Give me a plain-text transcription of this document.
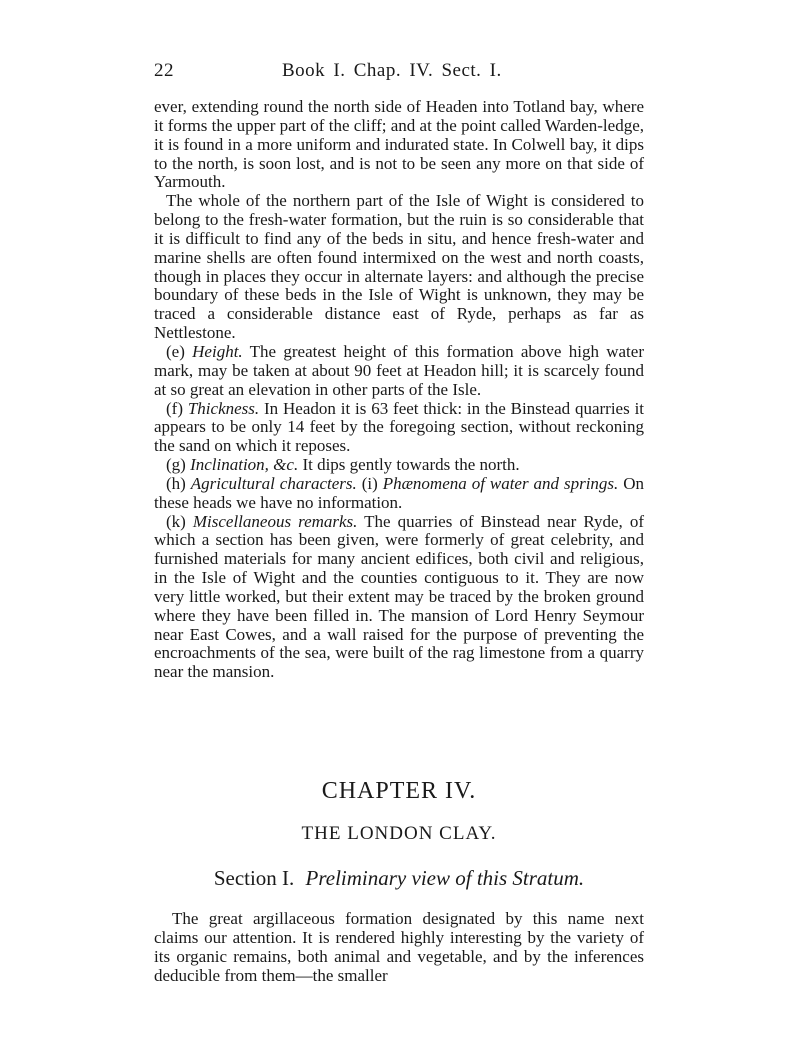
22	Book I. Chap. IV. Sect. I.

ever, extending round the north side of Headen into Totland bay, where it forms the upper part of the cliff; and at the point called Warden-ledge, it is found in a more uniform and indurated state. In Colwell bay, it dips to the north, is soon lost, and is not to be seen any more on that side of Yarmouth.

The whole of the northern part of the Isle of Wight is considered to belong to the fresh-water formation, but the ruin is so considerable that it is difficult to find any of the beds in situ, and hence fresh-water and marine shells are often found intermixed on the west and north coasts, though in places they occur in alternate layers: and although the precise boundary of these beds in the Isle of Wight is unknown, they may be traced a considerable distance east of Ryde, perhaps as far as Nettlestone.

(e) Height. The greatest height of this formation above high water mark, may be taken at about 90 feet at Headon hill; it is scarcely found at so great an elevation in other parts of the Isle.

(f) Thickness. In Headon it is 63 feet thick: in the Binstead quarries it appears to be only 14 feet by the foregoing section, without reckoning the sand on which it reposes.

(g) Inclination, &c. It dips gently towards the north.

(h) Agricultural characters. (i) Phænomena of water and springs. On these heads we have no information.

(k) Miscellaneous remarks. The quarries of Binstead near Ryde, of which a section has been given, were formerly of great celebrity, and furnished materials for many ancient edifices, both civil and religious, in the Isle of Wight and the counties contiguous to it. They are now very little worked, but their extent may be traced by the broken ground where they have been filled in. The mansion of Lord Henry Seymour near East Cowes, and a wall raised for the purpose of preventing the encroachments of the sea, were built of the rag limestone from a quarry near the mansion.

CHAPTER IV.
THE LONDON CLAY.
Section I. Preliminary view of this Stratum.

The great argillaceous formation designated by this name next claims our attention. It is rendered highly interesting by the variety of its organic remains, both animal and vegetable, and by the inferences deducible from them—the smaller
